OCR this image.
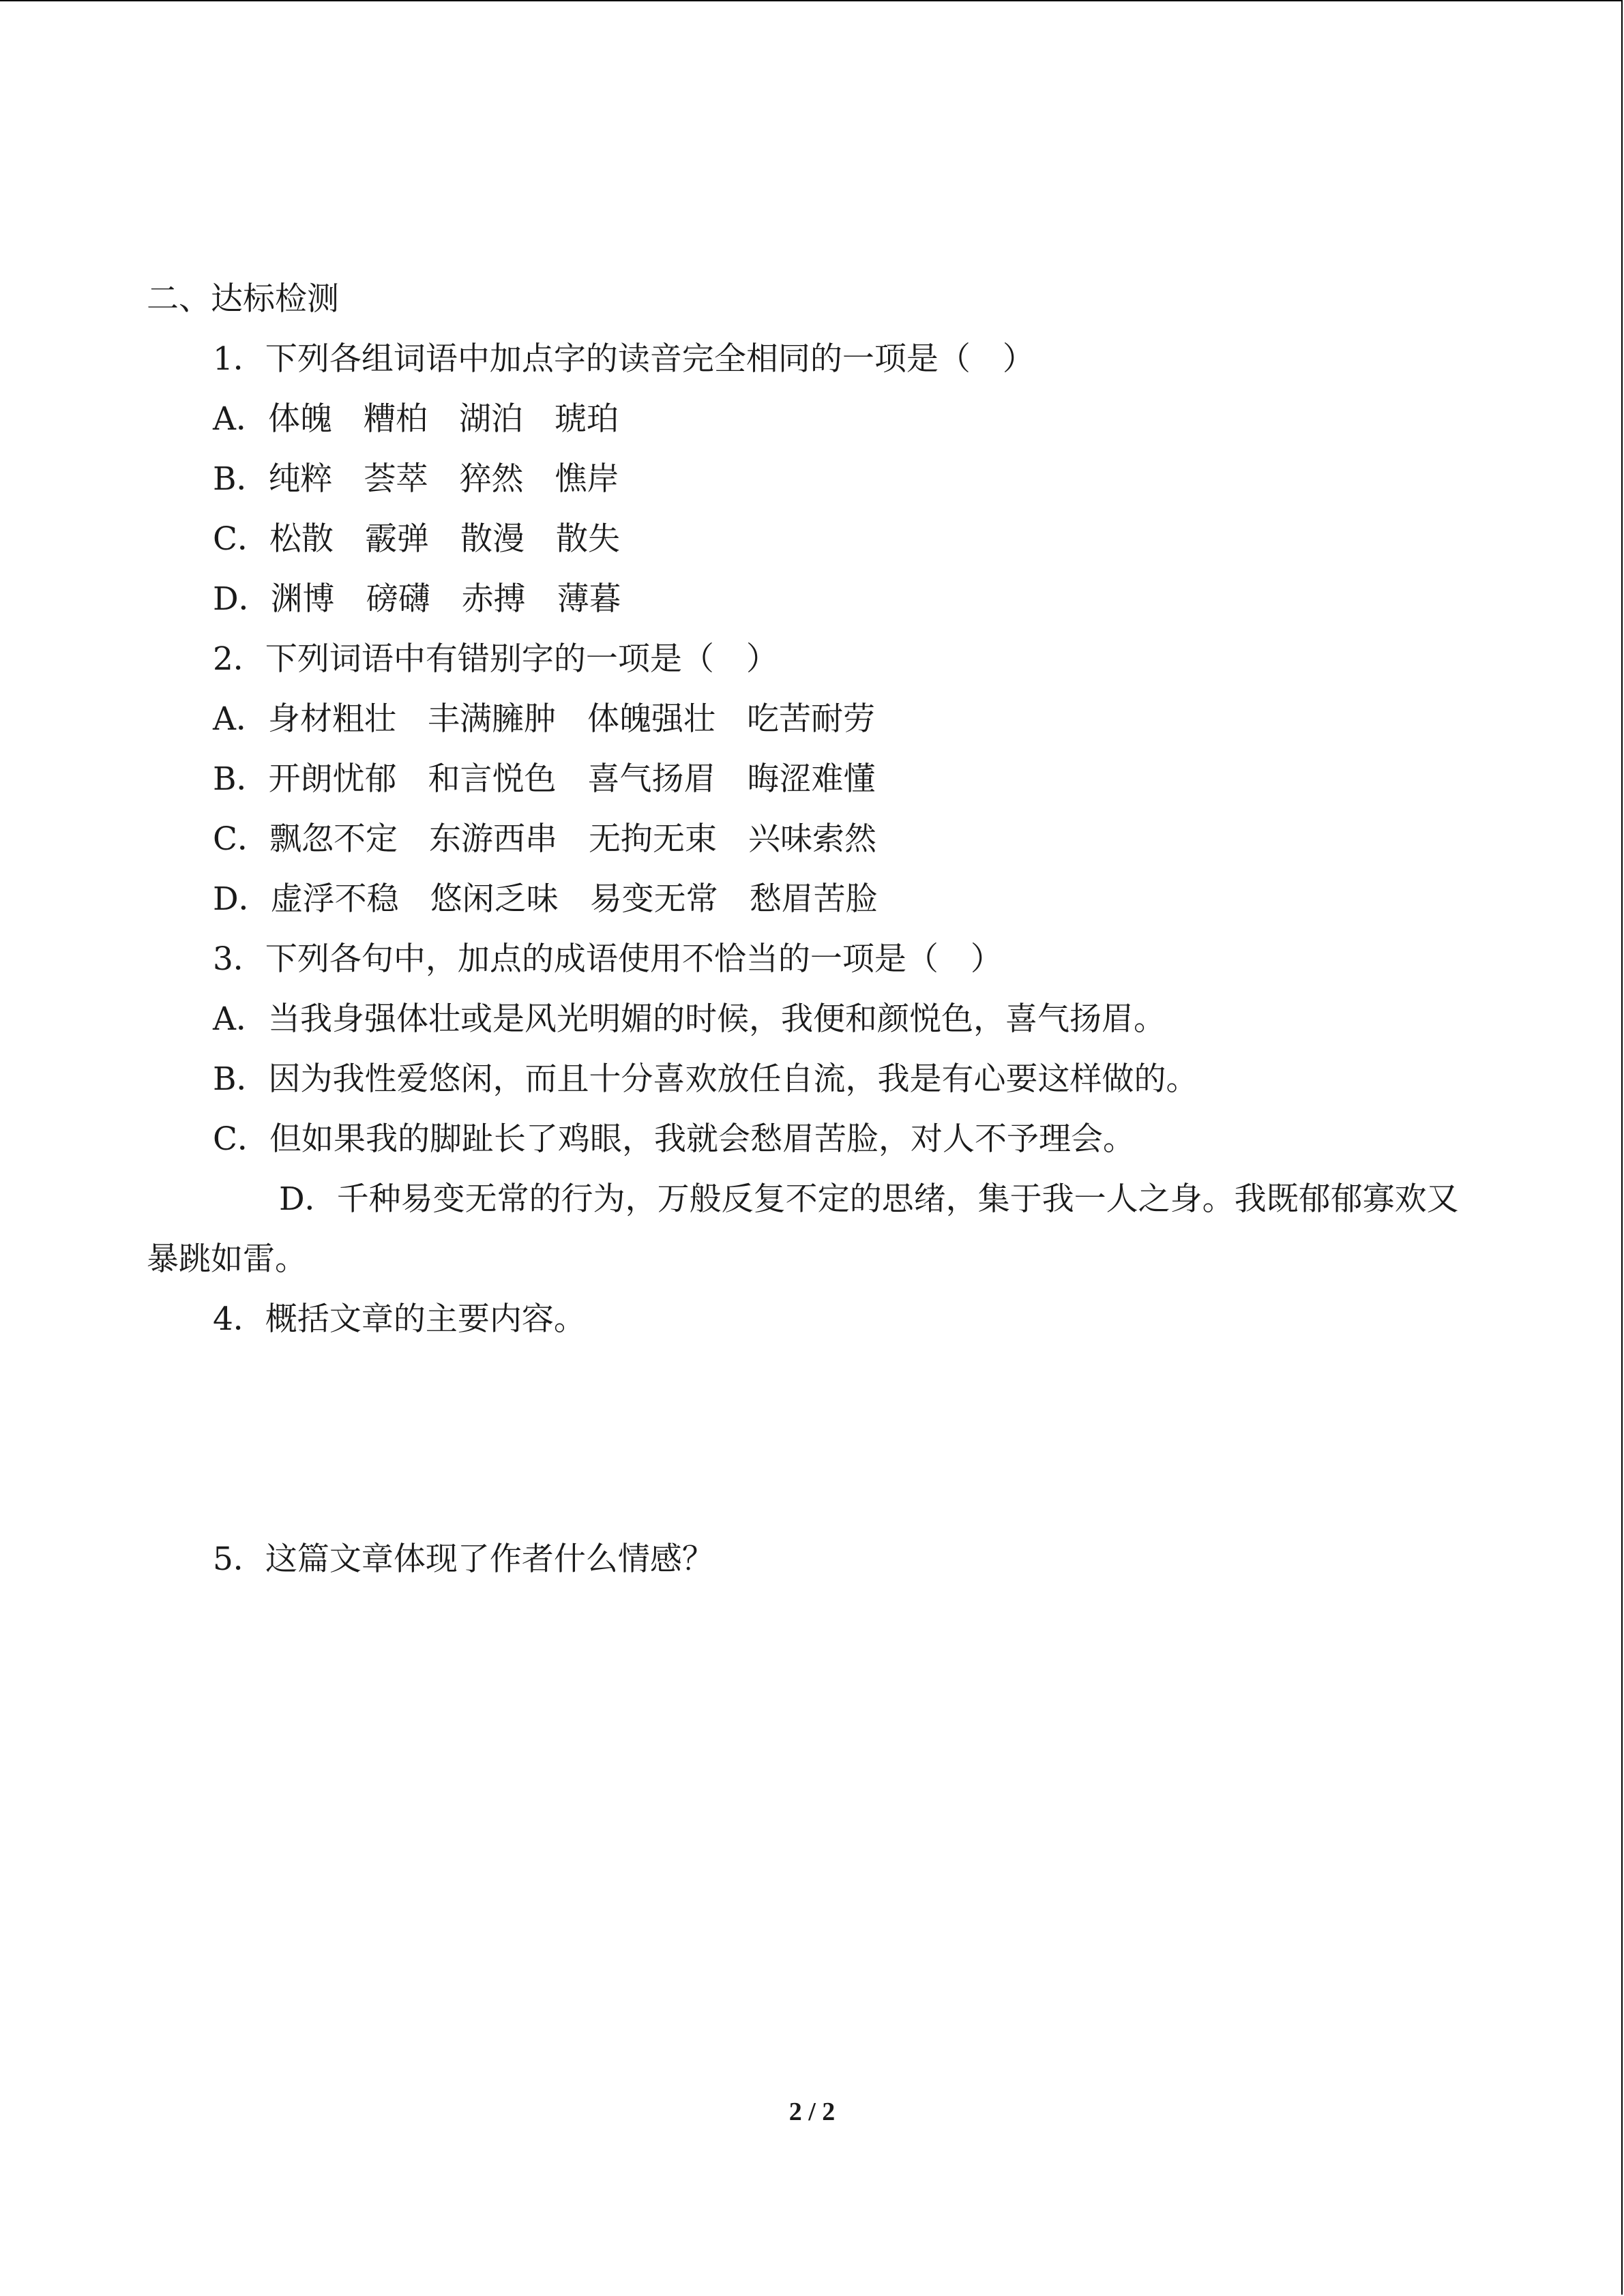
二、达标检测
1．下列各组词语中加点字的读音完全相同的一项是（　）
A．体魄 糟柏 湖泊 琥珀
B．纯粹 荟萃 猝然 憔岸
C．松散 霰弹 散漫 散失
D．渊博 磅礴 赤搏 薄暮
2．下列词语中有错别字的一项是（　）
A．身材粗壮 丰满臃肿 体魄强壮 吃苦耐劳
B．开朗忧郁 和言悦色 喜气扬眉 晦涩难懂
C．飘忽不定 东游西串 无拘无束 兴味索然
D．虚浮不稳 悠闲乏味 易变无常 愁眉苦脸
3．下列各句中，加点的成语使用不恰当的一项是（　）
A．当我身强体壮或是风光明媚的时候，我便和颜悦色，喜气扬眉。
B．因为我性爱悠闲，而且十分喜欢放任自流，我是有心要这样做的。
C．但如果我的脚趾长了鸡眼，我就会愁眉苦脸，对人不予理会。
D．千种易变无常的行为，万般反复不定的思绪，集于我一人之身。我既郁郁寡欢又暴跳如雷。
4．概括文章的主要内容。
5．这篇文章体现了作者什么情感？
2 / 2
